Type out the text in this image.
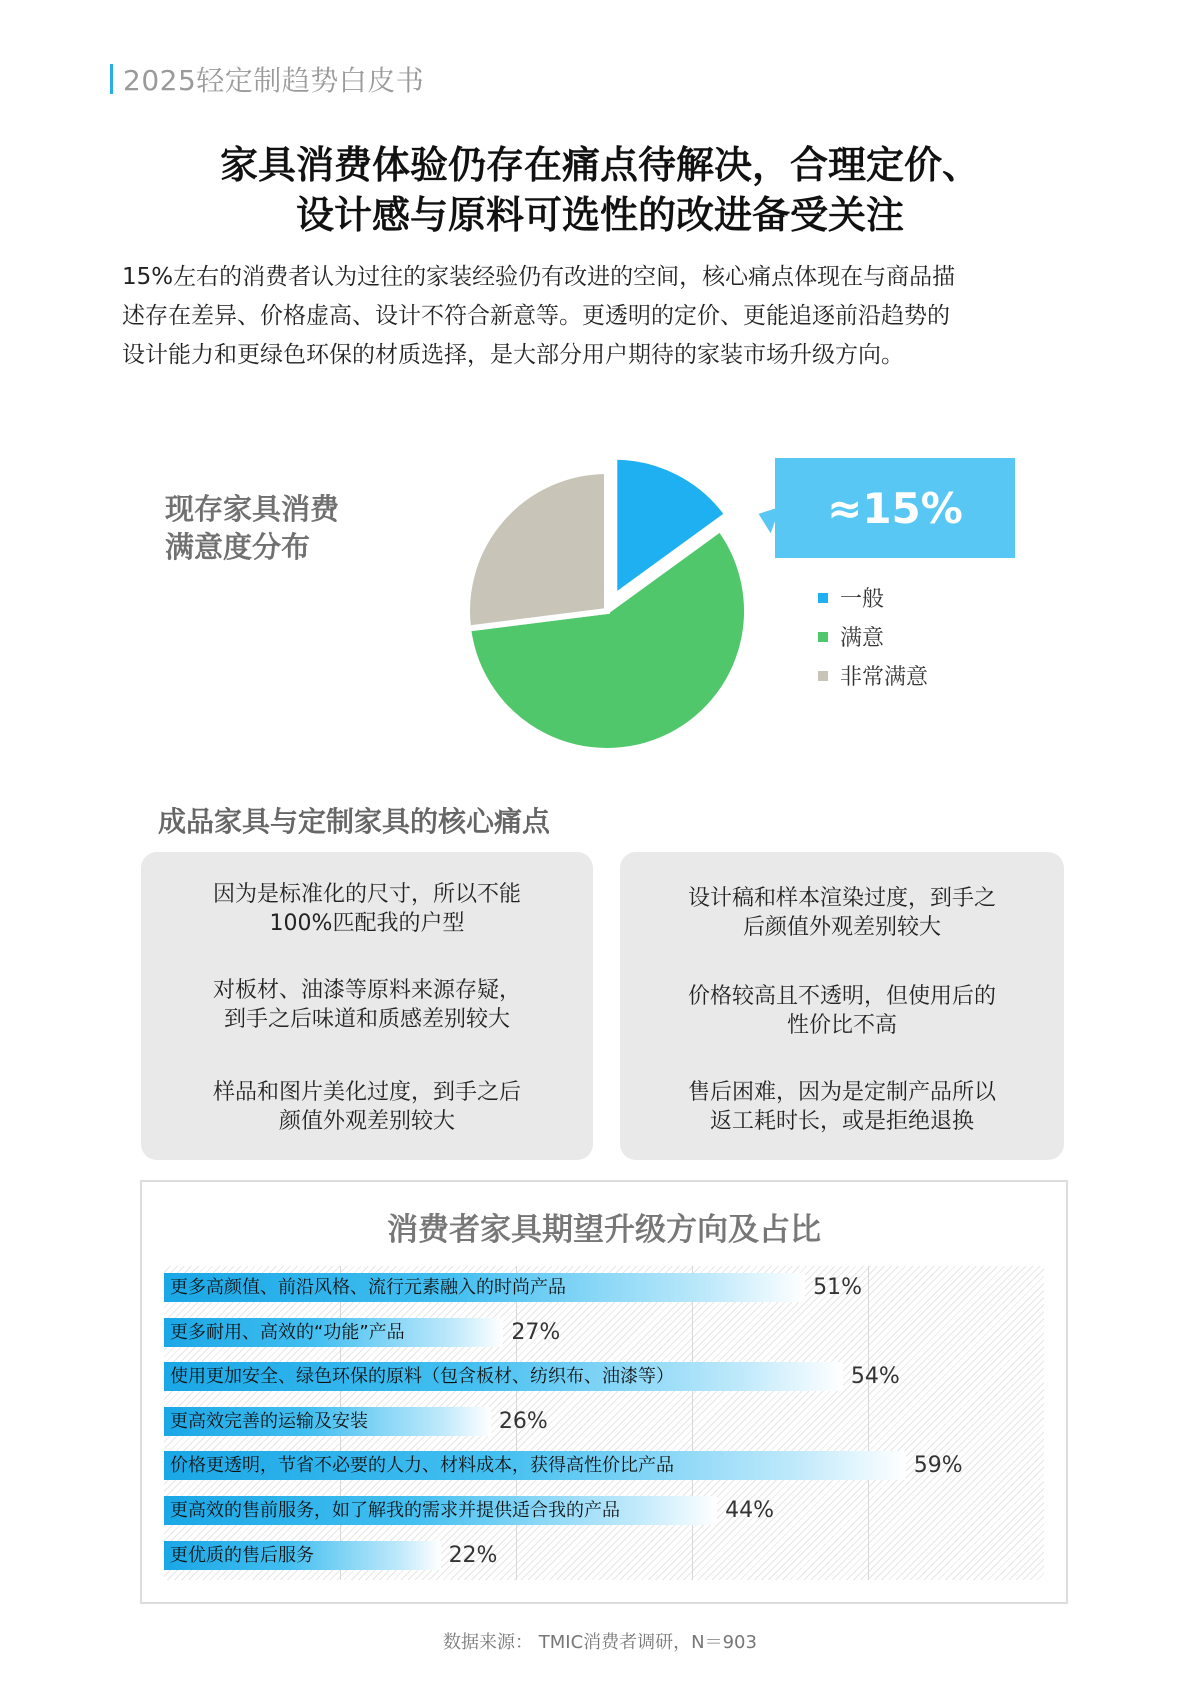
2025轻定制趋势白皮书
家具消费体验仍存在痛点待解决，合理定价、
设计感与原料可选性的改进备受关注

15%左右的消费者认为过往的家装经验仍有改进的空间，核心痛点体现在与商品描

述存在差异、价格虚高、设计不符合新意等。更透明的定价、更能追逐前沿趋势的

设计能力和更绿色环保的材质选择，是大部分用户期待的家装市场升级方向。

现存家具消费
满意度分布
≈15%
一般
满意
非常满意
成品家具与定制家具的核心痛点
因为是标准化的尺寸，所以不能
100%匹配我的户型
对板材、油漆等原料来源存疑，
到手之后味道和质感差别较大
样品和图片美化过度，到手之后
颜值外观差别较大
设计稿和样本渲染过度，到手之
后颜值外观差别较大
价格较高且不透明，但使用后的
性价比不高
售后困难，因为是定制产品所以
返工耗时长，或是拒绝退换
消费者家具期望升级方向及占比
更多高颜值、前沿风格、流行元素融入的时尚产品	51%
更多耐用、高效的“功能”产品	27%
使用更加安全、绿色环保的原料（包含板材、纺织布、油漆等）	54%
更高效完善的运输及安装	26%
价格更透明，节省不必要的人力、材料成本，获得高性价比产品	59%
更高效的售前服务，如了解我的需求并提供适合我的产品	44%
更优质的售后服务	22%
数据来源： TMIC消费者调研，N＝903
